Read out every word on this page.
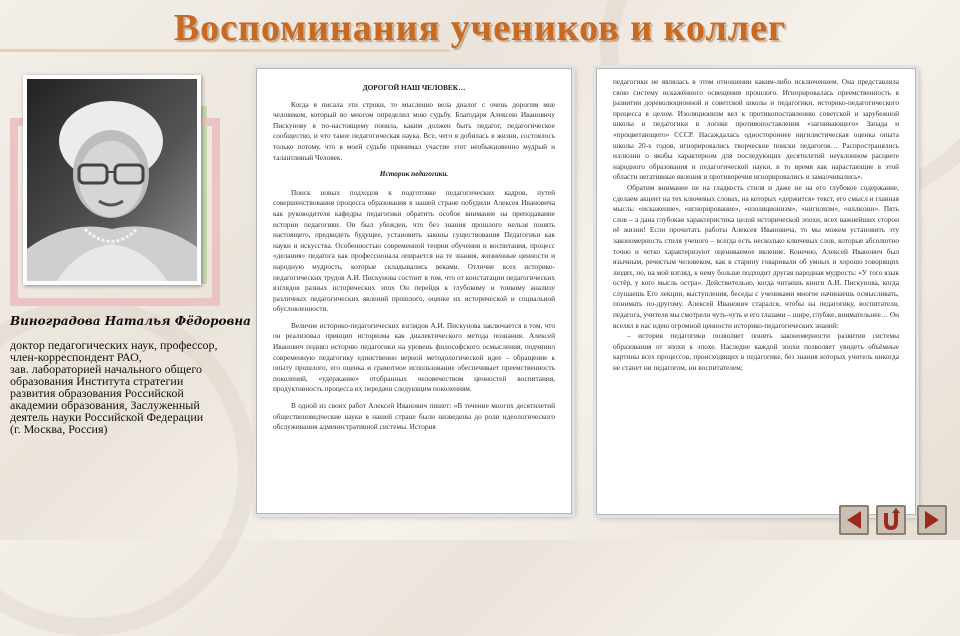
Воспоминания учеников и коллег
Виноградова Наталья Фёдоровна
доктор педагогических наук, профессор,
член-корреспондент РАО,
зав. лабораторией начального общего
образования Института стратегии
развития образования Российской
академии образования, Заслуженный
деятель науки Российской Федерации
(г. Москва, Россия)
ДОРОГОЙ НАШ ЧЕЛОВЕК…

Когда я писала эти строки, то мысленно вела диалог с очень дорогим мне человеком, который во многом определил мою судьбу. Благодаря Алексею Ивановичу Пискунову я по-настоящему поняла, каким должен быть педагог, педагогическое сообщество, и что такое педагогическая наука. Все, чего я добилась в жизни, состоялось только потому, что в моей судьбе принимал участие этот необыкновенно мудрый и талантливый Человек.

Историк педагогики.

Поиск новых подходов к подготовке педагогических кадров, путей совершенствования процесса образования в нашей стране побудили Алексея Ивановича как руководителя кафедры педагогики обратить особое внимание на преподавание истории педагогики. Он был убежден, что без знания прошлого нельзя понять настоящего, предвидеть будущее, установить законы существования Педагогики как науки и искусства. Особенностью современной теории обучения и воспитания, процесс «делания» педагога как профессионала опирается на те знания, жизненные ценности и народную мудрость, которые складывались веками. Отличие всех историко-педагогических трудов А.И. Пискунова состоит в том, что от констатации педагогических взглядов разных исторических эпох Он перейдя к глубокому и тонкому анализу различных педагогических явлений прошлого, оценке их исторической и социальной обусловленности.

Величие историко-педагогических взглядов А.И. Пискунова заключается в том, что он реализовал принцип историзма как диалектического метода познания. Алексей Иванович поднял историю педагогики на уровень философского осмысления, подчинил современную педагогику единственно верной методологической идее – обращение к опыту прошлого, его оценка и грамотное использование обеспечивает преемственность поколений, «удержание» отобранных человечеством ценностей воспитания, продуктивность процесса их передачи следующим поколениям.

В одной из своих работ Алексей Иванович пишет: «В течение многих десятилетий общественоведческие науки в нашей стране были низведены до роли идеологического обслуживания административной системы. История

педагогики не являлась в этом отношении каким-либо исключением. Она представляла свою систему искажённого освещения прошлого. Игнорировалась преемственность в развитии дореволюционной и советской школы и педагогики, историко-педагогического процесса в целом. Изоляционизм вел к противопоставлению советской и зарубежной школы и педагогики в логике противопоставления «загнивающего» Запада и «процветающего» СССР. Насаждалась одностороннее нигилистическая оценка опыта школы 20-х годов, игнорировались творческие поиски педагогов… Распространялись иллюзии о якобы характерном для последующих десятилетий неуклонном расцвете народного образования и педагогической науки, в то время как нарастающие в этой области негативные явления и противоречия игнорировались и замалчивались».

Обратим внимание не на гладкость стиля и даже не на его глубокое содержание, сделаем акцент на тех ключевых словах, на которых «держится» текст, его смысл и главная мысль: «искажение», «игнорирование», «изоляционизм», «нигилизм», «иллюзии». Пять слов – а дана глубокая характеристика целой исторической эпохи, всех важнейших сторон её жизни! Если прочитать работы Алексея Ивановича, то мы можем установить эту закономерность стиля ученого – всегда есть несколько ключевых слов, которые абсолютно точно и четко характеризуют оцениваемое явление. Конечно, Алексей Иванович был язычным, речистым человеком, как в старину говаривали об умных и хорошо говорящих людях, но, на мой взгляд, к нему больше подходит другая народная мудрость: «У того язык остёр, у кого мысль остра». Действительно, когда читаешь книги А.И. Пискунова, когда слушаешь Его лекции, выступления, беседы с учениками многое начинаешь осмысливать, понимать по-другому. Алексей Иванович старался, чтобы на педагогику, воспитателя, педагога, учителя мы смотрели чуть-чуть и его глазами – шире, глубже, внимательнее… Он вселял в нас идею огромной ценности историко-педагогических знаний:

– история педагогики позволяет понять закономерности развития системы образования от эпохи к эпохе. Наследие каждой эпохи позволяет увидеть объёмные картины всех процессов, происходящих в педагогике, без знания которых учитель никогда не станет ни педагогом, ни воспитателем;
